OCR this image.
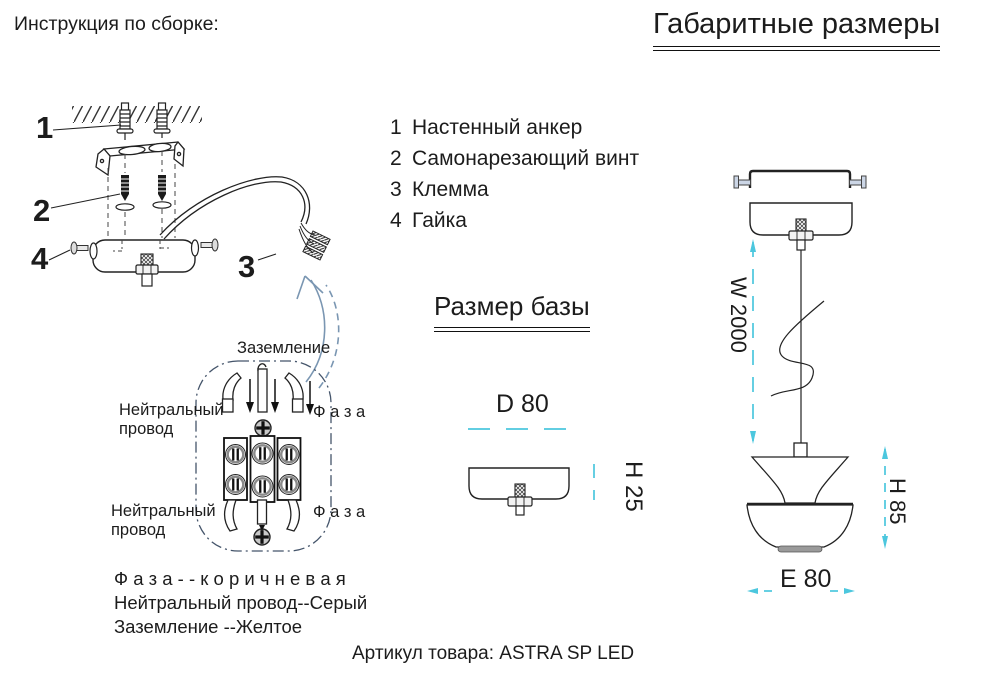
Инструкция по сборке:	Габаритные размеры
1 Настенный анкер
2 Самонарезающий винт
3 Клемма
4 Гайка
Размер базы
Ф а з а - - к о р и ч н е в а я
Нейтральный провод--Серый
Заземление --Желтое
Артикул товара: ASTRA SP LED
1
2
4	3
Заземление
Нейтральный
провод
Ф а з а
Нейтральный
провод
Ф а з а
D 80
H 25
W 2000
H 85
E 80
